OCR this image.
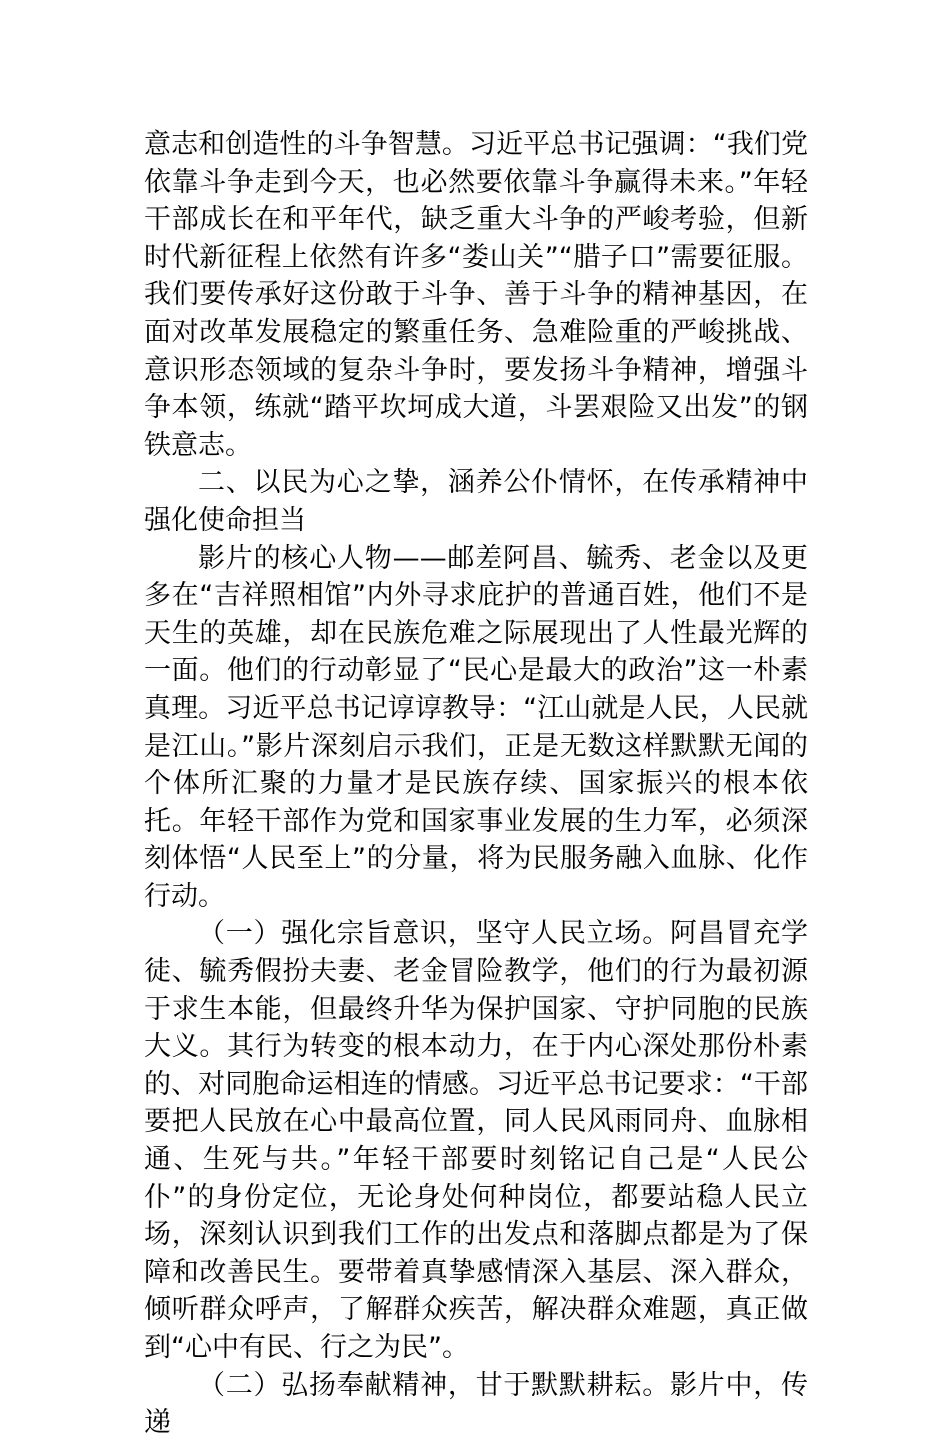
意志和创造性的斗争智慧。习近平总书记强调：“我们党依靠斗争走到今天，也必然要依靠斗争赢得未来。”年轻干部成长在和平年代，缺乏重大斗争的严峻考验，但新时代新征程上依然有许多“娄山关”“腊子口”需要征服。我们要传承好这份敢于斗争、善于斗争的精神基因，在面对改革发展稳定的繁重任务、急难险重的严峻挑战、意识形态领域的复杂斗争时，要发扬斗争精神，增强斗争本领，练就“踏平坎坷成大道，斗罢艰险又出发”的钢铁意志。

二、以民为心之挚，涵养公仆情怀，在传承精神中强化使命担当

影片的核心人物——邮差阿昌、毓秀、老金以及更多在“吉祥照相馆”内外寻求庇护的普通百姓，他们不是天生的英雄，却在民族危难之际展现出了人性最光辉的一面。他们的行动彰显了“民心是最大的政治”这一朴素真理。习近平总书记谆谆教导：“江山就是人民，人民就是江山。”影片深刻启示我们，正是无数这样默默无闻的个体所汇聚的力量才是民族存续、国家振兴的根本依托。年轻干部作为党和国家事业发展的生力军，必须深刻体悟“人民至上”的分量，将为民服务融入血脉、化作行动。

（一）强化宗旨意识，坚守人民立场。阿昌冒充学徒、毓秀假扮夫妻、老金冒险教学，他们的行为最初源于求生本能，但最终升华为保护国家、守护同胞的民族大义。其行为转变的根本动力，在于内心深处那份朴素的、对同胞命运相连的情感。习近平总书记要求：“干部要把人民放在心中最高位置，同人民风雨同舟、血脉相通、生死与共。”年轻干部要时刻铭记自己是“人民公仆”的身份定位，无论身处何种岗位，都要站稳人民立场，深刻认识到我们工作的出发点和落脚点都是为了保障和改善民生。要带着真挚感情深入基层、深入群众，倾听群众呼声，了解群众疾苦，解决群众难题，真正做到“心中有民、行之为民”。

（二）弘扬奉献精神，甘于默默耕耘。影片中，传递
